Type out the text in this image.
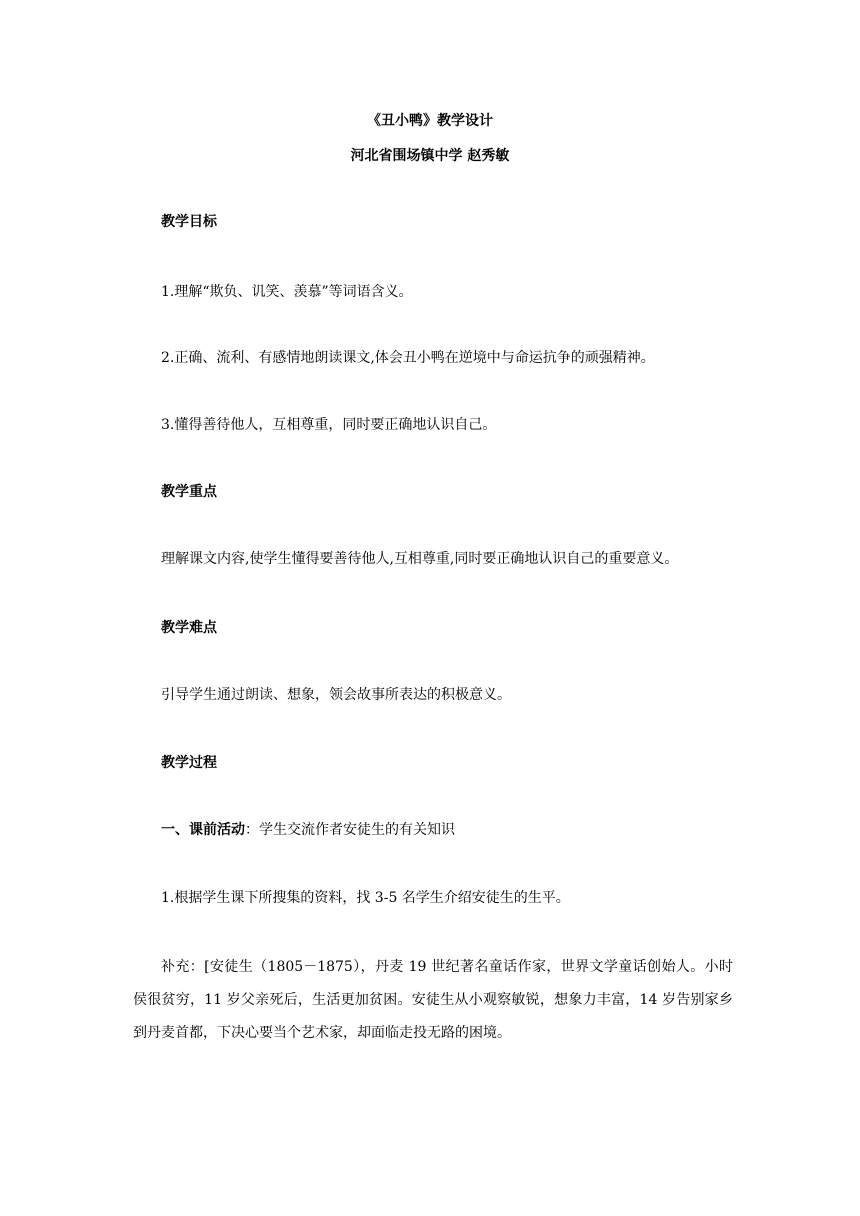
《丑小鸭》教学设计
河北省围场镇中学 赵秀敏
教学目标
1.理解“欺负、讥笑、羡慕”等词语含义。
2.正确、流利、有感情地朗读课文,体会丑小鸭在逆境中与命运抗争的顽强精神。
3.懂得善待他人，互相尊重，同时要正确地认识自己。
教学重点
理解课文内容,使学生懂得要善待他人,互相尊重,同时要正确地认识自己的重要意义。
教学难点
引导学生通过朗读、想象，领会故事所表达的积极意义。
教学过程
一、课前活动：学生交流作者安徒生的有关知识
1.根据学生课下所搜集的资料，找 3-5 名学生介绍安徒生的生平。
补充：[安徒生（1805－1875），丹麦 19 世纪著名童话作家，世界文学童话创始人。小时侯很贫穷，11 岁父亲死后，生活更加贫困。安徒生从小观察敏锐，想象力丰富，14 岁告别家乡到丹麦首都，下决心要当个艺术家，却面临走投无路的困境。
